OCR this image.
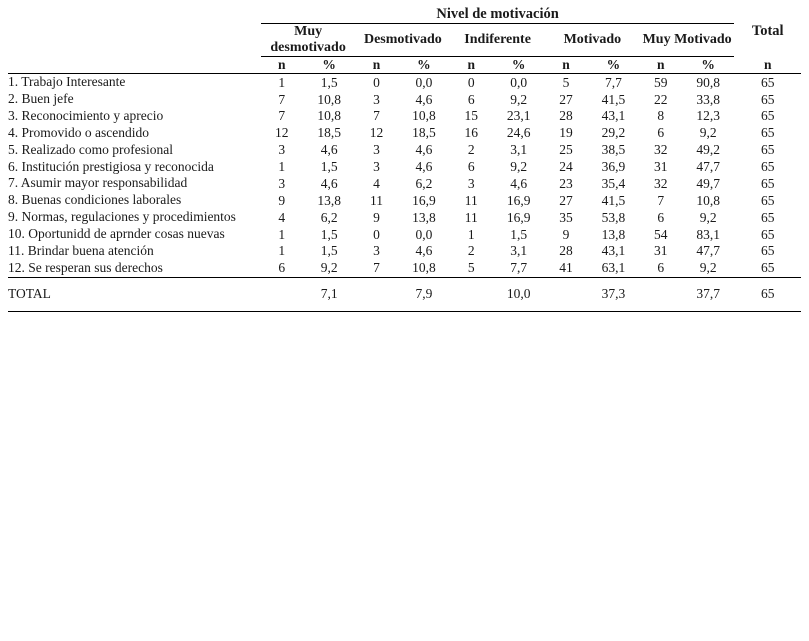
	Nivel de motivación										Total
	Muy desmotivado		Desmotivado		Indiferente		Motivado		Muy Motivado		
	n	%	n	%	n	%	n	%	n	%	n
1. Trabajo Interesante	1	1,5	0	0,0	0	0,0	5	7,7	59	90,8	65
2. Buen jefe	7	10,8	3	4,6	6	9,2	27	41,5	22	33,8	65
3. Reconocimiento y aprecio	7	10,8	7	10,8	15	23,1	28	43,1	8	12,3	65
4. Promovido o ascendido	12	18,5	12	18,5	16	24,6	19	29,2	6	9,2	65
5. Realizado como profesional	3	4,6	3	4,6	2	3,1	25	38,5	32	49,2	65
6. Institución prestigiosa y reconocida	1	1,5	3	4,6	6	9,2	24	36,9	31	47,7	65
7. Asumir mayor responsabilidad	3	4,6	4	6,2	3	4,6	23	35,4	32	49,7	65
8. Buenas condiciones laborales	9	13,8	11	16,9	11	16,9	27	41,5	7	10,8	65
9. Normas, regulaciones y procedimientos	4	6,2	9	13,8	11	16,9	35	53,8	6	9,2	65
10. Oportunidd de aprnder cosas nuevas	1	1,5	0	0,0	1	1,5	9	13,8	54	83,1	65
11. Brindar buena atención	1	1,5	3	4,6	2	3,1	28	43,1	31	47,7	65
12. Se resperan sus derechos	6	9,2	7	10,8	5	7,7	41	63,1	6	9,2	65
TOTAL		7,1		7,9		10,0		37,3		37,7	65
